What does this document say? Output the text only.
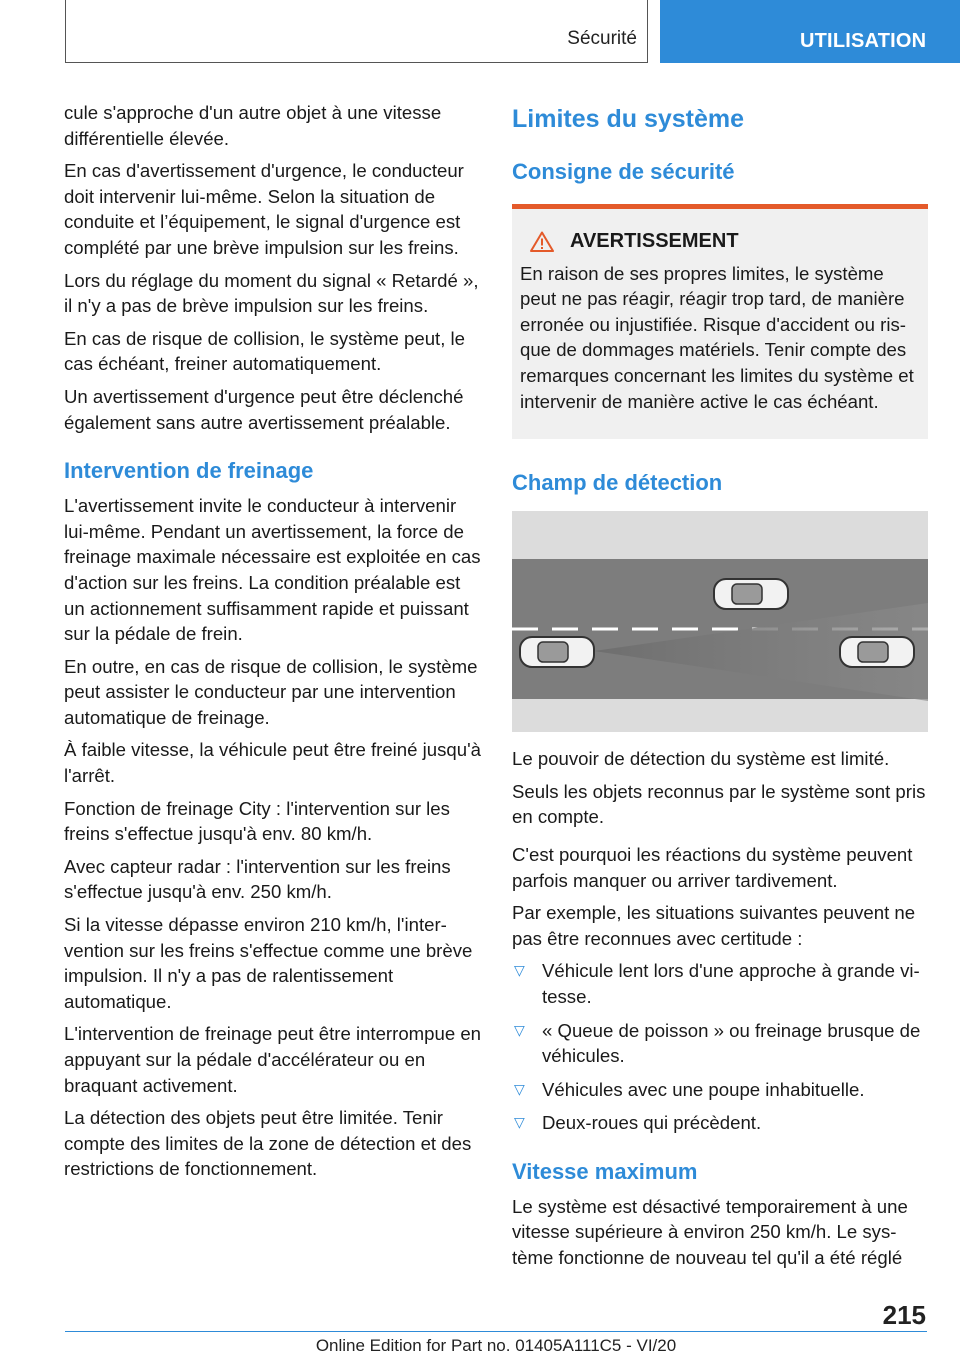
Sécurité	UTILISATION

cule s'approche d'un autre objet à une vitesse différentielle élevée.

En cas d'avertissement d'urgence, le conducteur doit intervenir lui-même. Selon la situation de conduite et l’équipement, le signal d'urgence est complété par une brève impulsion sur les freins.

Lors du réglage du moment du signal « Retardé », il n'y a pas de brève impulsion sur les freins.

En cas de risque de collision, le système peut, le cas échéant, freiner automatiquement.

Un avertissement d'urgence peut être déclenché également sans autre avertissement préalable.

Intervention de freinage

L'avertissement invite le conducteur à intervenir lui-même. Pendant un avertissement, la force de freinage maximale nécessaire est exploitée en cas d'action sur les freins. La condition préalable est un actionnement suffisamment rapide et puissant sur la pédale de frein.

En outre, en cas de risque de collision, le système peut assister le conducteur par une intervention automatique de freinage.

À faible vitesse, la véhicule peut être freiné jusqu'à l'arrêt.

Fonction de freinage City : l'intervention sur les freins s'effectue jusqu'à env. 80 km/h.

Avec capteur radar : l'intervention sur les freins s'effectue jusqu'à env. 250 km/h.

Si la vitesse dépasse environ 210 km/h, l'intervention sur les freins s'effectue comme une brève impulsion. Il n'y a pas de ralentissement automatique.

L'intervention de freinage peut être interrompue en appuyant sur la pédale d'accélérateur ou en braquant activement.

La détection des objets peut être limitée. Tenir compte des limites de la zone de détection et des restrictions de fonctionnement.

Limites du système
Consigne de sécurité
AVERTISSEMENT

En raison de ses propres limites, le système peut ne pas réagir, réagir trop tard, de manière erronée ou injustifiée. Risque d'accident ou risque de dommages matériels. Tenir compte des remarques concernant les limites du système et intervenir de manière active le cas échéant.

Champ de détection

Le pouvoir de détection du système est limité.

Seuls les objets reconnus par le système sont pris en compte.

C'est pourquoi les réactions du système peuvent parfois manquer ou arriver tardivement.

Par exemple, les situations suivantes peuvent ne pas être reconnues avec certitude :

▽ Véhicule lent lors d'une approche à grande vitesse.
▽ « Queue de poisson » ou freinage brusque de véhicules.
▽ Véhicules avec une poupe inhabituelle.
▽ Deux-roues qui précèdent.
Vitesse maximum

Le système est désactivé temporairement à une vitesse supérieure à environ 250 km/h. Le système fonctionne de nouveau tel qu'il a été réglé

215
Online Edition for Part no. 01405A111C5 - VI/20
